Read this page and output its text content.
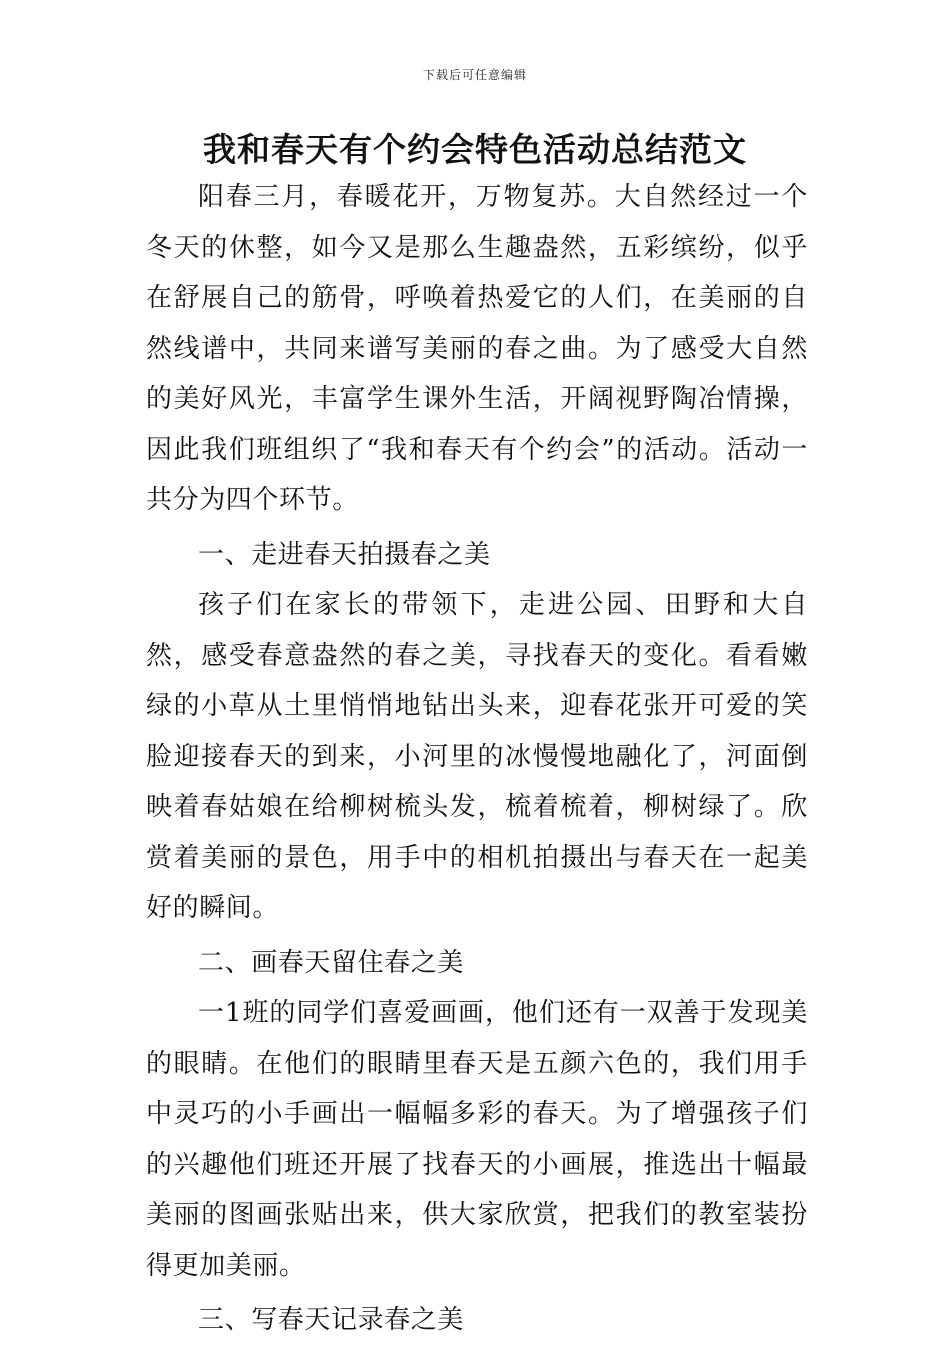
下载后可任意编辑
我和春天有个约会特色活动总结范文

阳春三月，春暖花开，万物复苏。大自然经过一个冬天的休整，如今又是那么生趣盎然，五彩缤纷，似乎在舒展自己的筋骨，呼唤着热爱它的人们，在美丽的自然线谱中，共同来谱写美丽的春之曲。为了感受大自然的美好风光，丰富学生课外生活，开阔视野陶冶情操，因此我们班组织了“我和春天有个约会”的活动。活动一共分为四个环节。

一、走进春天拍摄春之美

孩子们在家长的带领下，走进公园、田野和大自然，感受春意盎然的春之美，寻找春天的变化。看看嫩绿的小草从土里悄悄地钻出头来，迎春花张开可爱的笑脸迎接春天的到来，小河里的冰慢慢地融化了，河面倒映着春姑娘在给柳树梳头发，梳着梳着，柳树绿了。欣赏着美丽的景色，用手中的相机拍摄出与春天在一起美好的瞬间。

二、画春天留住春之美

一1班的同学们喜爱画画，他们还有一双善于发现美的眼睛。在他们的眼睛里春天是五颜六色的，我们用手中灵巧的小手画出一幅幅多彩的春天。为了增强孩子们的兴趣他们班还开展了找春天的小画展，推选出十幅最美丽的图画张贴出来，供大家欣赏，把我们的教室装扮得更加美丽。

三、写春天记录春之美
